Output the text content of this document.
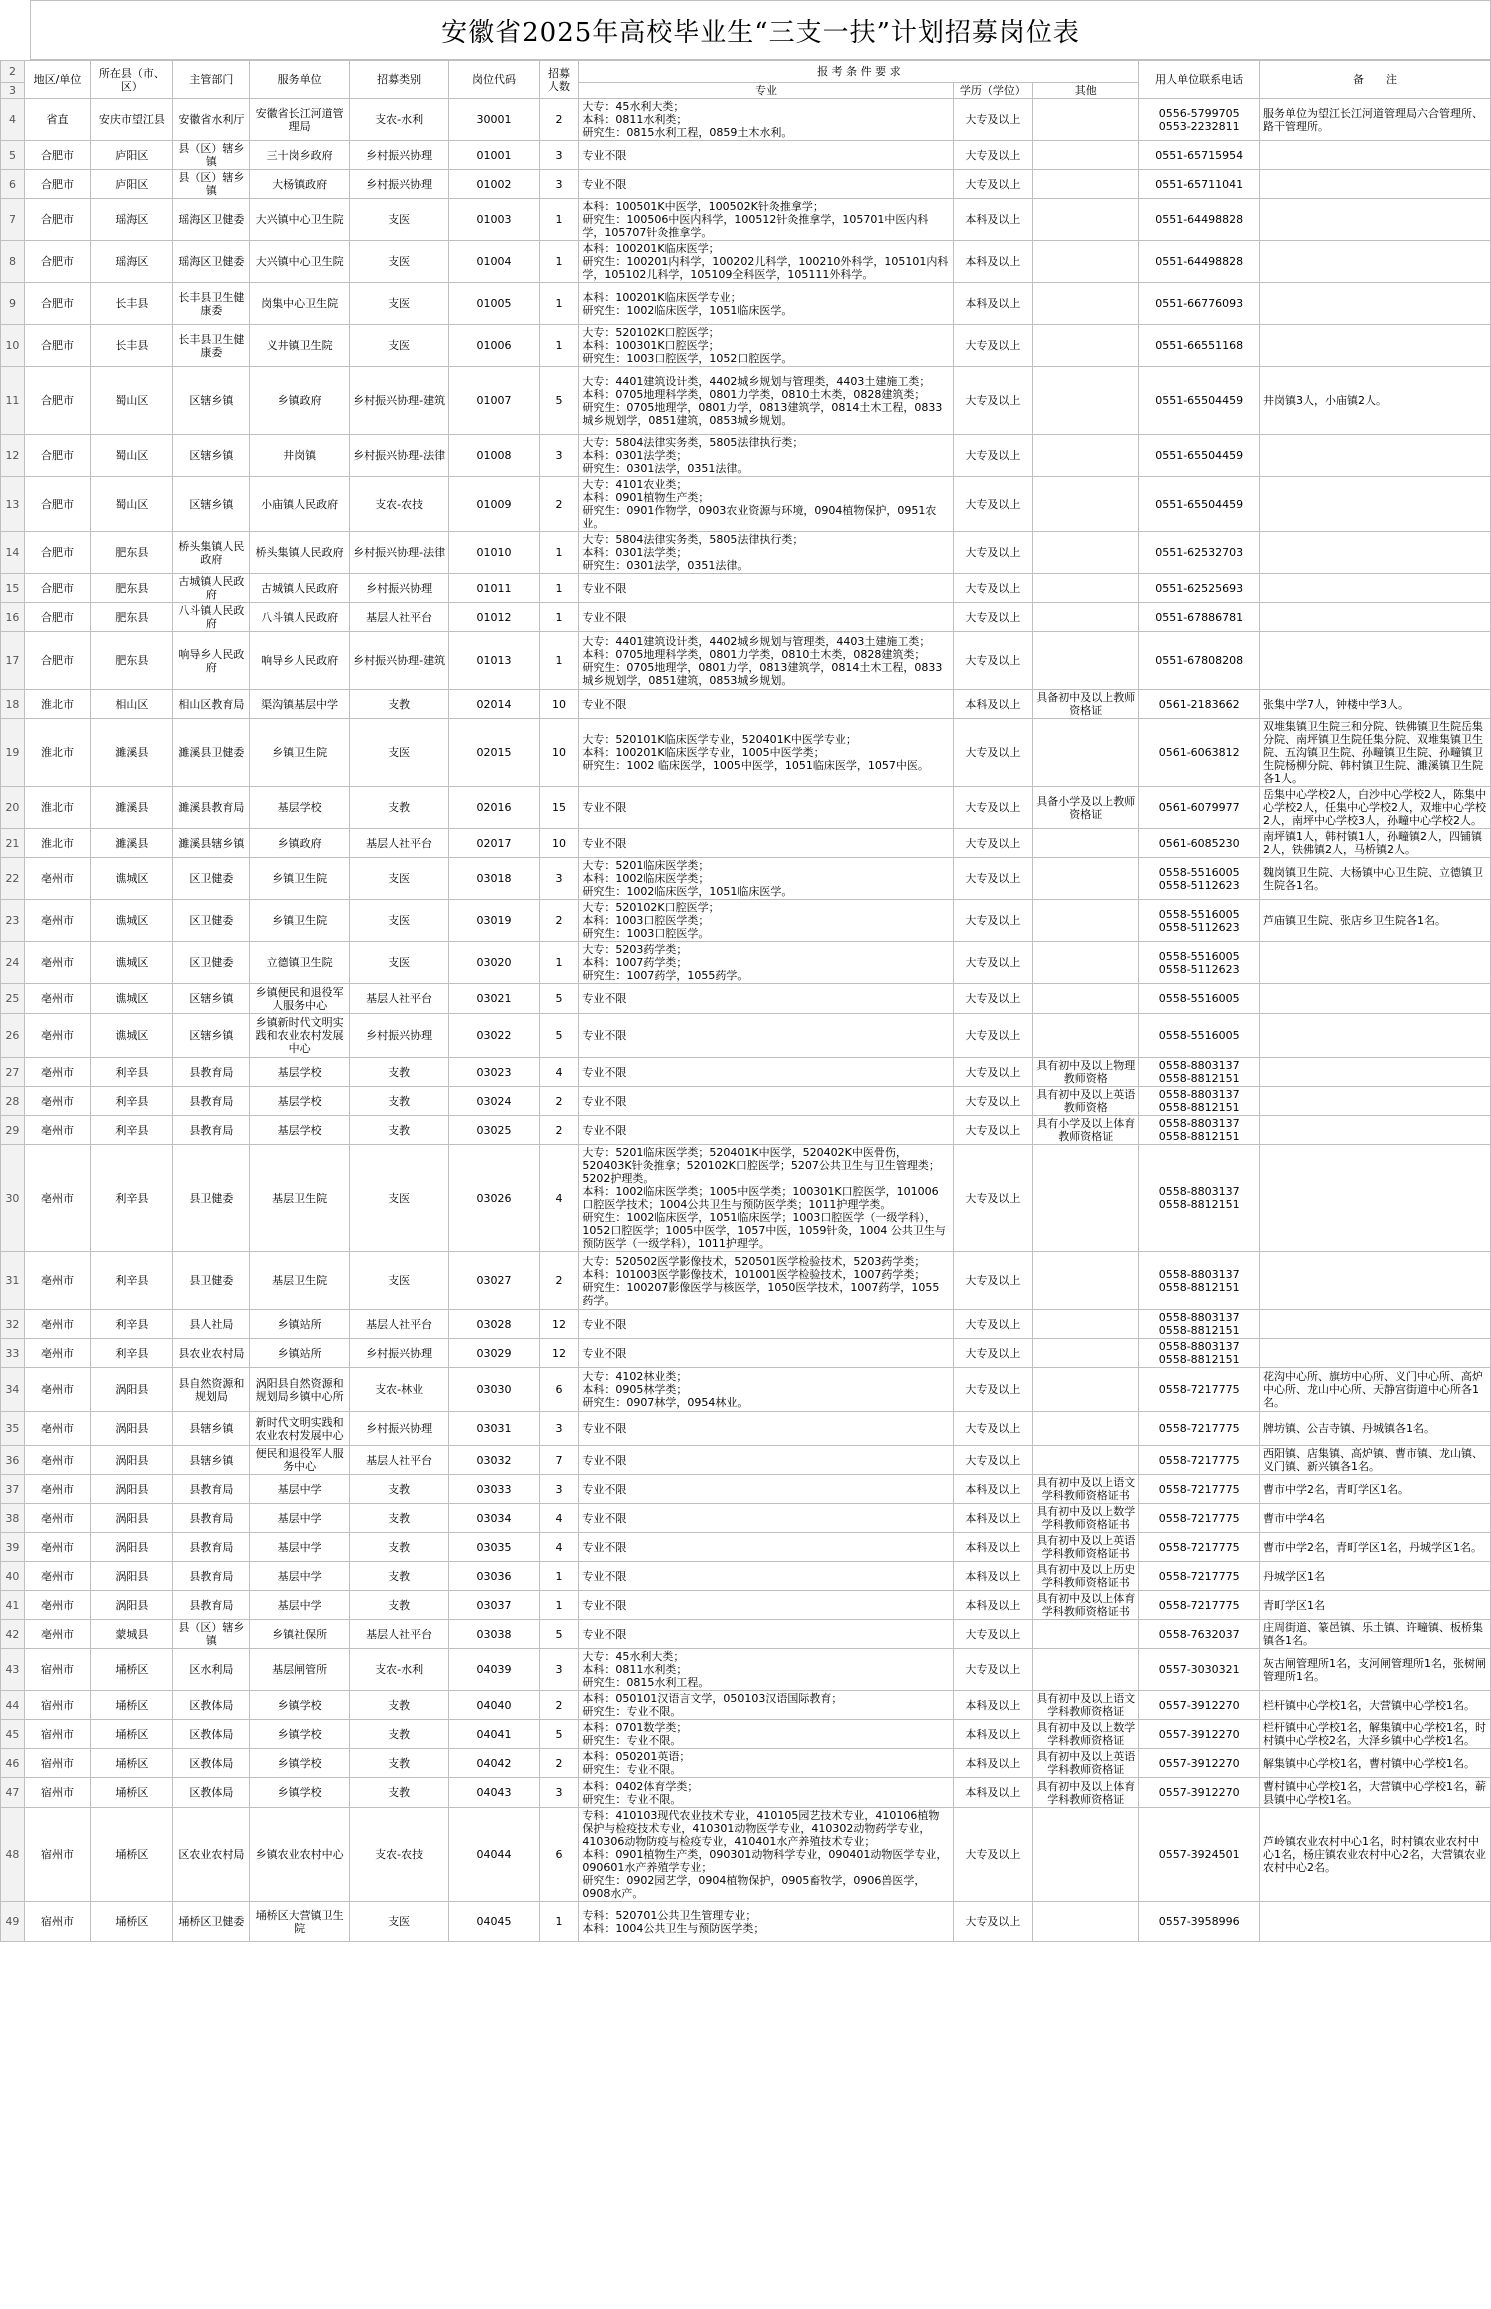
安徽省2025年高校毕业生“三支一扶”计划招募岗位表
2	地区/单位	所在县（市、区）	主管部门	服务单位	招募类别	岗位代码	招募人数	报 考 条 件 要 求			用人单位联系电话	备　　注
3								专业	学历（学位）	其他		
4	省直	安庆市望江县	安徽省水利厅	安徽省长江河道管理局	支农-水利	30001	2	大专：45水利大类；
本科：0811水利类；
研究生：0815水利工程，0859土木水利。	大专及以上		0556-5799705
0553-2232811	服务单位为望江长江河道管理局六合管理所、路干管理所。
5	合肥市	庐阳区	县（区）辖乡镇	三十岗乡政府	乡村振兴协理	01001	3	专业不限	大专及以上		0551-65715954	
6	合肥市	庐阳区	县（区）辖乡镇	大杨镇政府	乡村振兴协理	01002	3	专业不限	大专及以上		0551-65711041	
7	合肥市	瑶海区	瑶海区卫健委	大兴镇中心卫生院	支医	01003	1	本科：100501K中医学，100502K针灸推拿学；
研究生：100506中医内科学，100512针灸推拿学，105701中医内科学，105707针灸推拿学。	本科及以上		0551-64498828	
8	合肥市	瑶海区	瑶海区卫健委	大兴镇中心卫生院	支医	01004	1	本科：100201K临床医学；
研究生：100201内科学，100202儿科学，100210外科学，105101内科学，105102儿科学，105109全科医学，105111外科学。	本科及以上		0551-64498828	
9	合肥市	长丰县	长丰县卫生健康委	岗集中心卫生院	支医	01005	1	本科：100201K临床医学专业；
研究生：1002临床医学，1051临床医学。	本科及以上		0551-66776093	
10	合肥市	长丰县	长丰县卫生健康委	义井镇卫生院	支医	01006	1	大专：520102K口腔医学；
本科：100301K口腔医学；
研究生：1003口腔医学，1052口腔医学。	大专及以上		0551-66551168	
11	合肥市	蜀山区	区辖乡镇	乡镇政府	乡村振兴协理-建筑	01007	5	大专：4401建筑设计类，4402城乡规划与管理类，4403土建施工类；
本科：0705地理科学类，0801力学类，0810土木类，0828建筑类；
研究生：0705地理学，0801力学，0813建筑学，0814土木工程，0833城乡规划学，0851建筑，0853城乡规划。	大专及以上		0551-65504459	井岗镇3人，小庙镇2人。
12	合肥市	蜀山区	区辖乡镇	井岗镇	乡村振兴协理-法律	01008	3	大专：5804法律实务类，5805法律执行类；
本科：0301法学类；
研究生：0301法学，0351法律。	大专及以上		0551-65504459	
13	合肥市	蜀山区	区辖乡镇	小庙镇人民政府	支农-农技	01009	2	大专：4101农业类；
本科：0901植物生产类；
研究生：0901作物学，0903农业资源与环境，0904植物保护，0951农业。	大专及以上		0551-65504459	
14	合肥市	肥东县	桥头集镇人民政府	桥头集镇人民政府	乡村振兴协理-法律	01010	1	大专：5804法律实务类，5805法律执行类；
本科：0301法学类；
研究生：0301法学，0351法律。	大专及以上		0551-62532703	
15	合肥市	肥东县	古城镇人民政府	古城镇人民政府	乡村振兴协理	01011	1	专业不限	大专及以上		0551-62525693	
16	合肥市	肥东县	八斗镇人民政府	八斗镇人民政府	基层人社平台	01012	1	专业不限	大专及以上		0551-67886781	
17	合肥市	肥东县	响导乡人民政府	响导乡人民政府	乡村振兴协理-建筑	01013	1	大专：4401建筑设计类，4402城乡规划与管理类，4403土建施工类；
本科：0705地理科学类，0801力学类，0810土木类，0828建筑类；
研究生：0705地理学，0801力学，0813建筑学，0814土木工程，0833城乡规划学，0851建筑，0853城乡规划。	大专及以上		0551-67808208	
18	淮北市	相山区	相山区教育局	渠沟镇基层中学	支教	02014	10	专业不限	本科及以上	具备初中及以上教师资格证	0561-2183662	张集中学7人，钟楼中学3人。
19	淮北市	濉溪县	濉溪县卫健委	乡镇卫生院	支医	02015	10	大专：520101K临床医学专业，520401K中医学专业；
本科：100201K临床医学专业，1005中医学类；
研究生：1002 临床医学，1005中医学，1051临床医学，1057中医。	大专及以上		0561-6063812	双堆集镇卫生院三和分院、铁佛镇卫生院岳集分院、南坪镇卫生院任集分院、双堆集镇卫生院、五沟镇卫生院、孙疃镇卫生院、孙疃镇卫生院杨柳分院、韩村镇卫生院、濉溪镇卫生院各1人。
20	淮北市	濉溪县	濉溪县教育局	基层学校	支教	02016	15	专业不限	大专及以上	具备小学及以上教师资格证	0561-6079977	岳集中心学校2人，白沙中心学校2人，陈集中心学校2人，任集中心学校2人，双堆中心学校2人，南坪中心学校3人，孙疃中心学校2人。
21	淮北市	濉溪县	濉溪县辖乡镇	乡镇政府	基层人社平台	02017	10	专业不限	大专及以上		0561-6085230	南坪镇1人，韩村镇1人，孙疃镇2人，四铺镇2人，铁佛镇2人，马桥镇2人。
22	亳州市	谯城区	区卫健委	乡镇卫生院	支医	03018	3	大专：5201临床医学类；
本科：1002临床医学类；
研究生：1002临床医学，1051临床医学。	大专及以上		0558-5516005
0558-5112623	魏岗镇卫生院、大杨镇中心卫生院、立德镇卫生院各1名。
23	亳州市	谯城区	区卫健委	乡镇卫生院	支医	03019	2	大专：520102K口腔医学；
本科：1003口腔医学类；
研究生：1003口腔医学。	大专及以上		0558-5516005
0558-5112623	芦庙镇卫生院、张店乡卫生院各1名。
24	亳州市	谯城区	区卫健委	立德镇卫生院	支医	03020	1	大专：5203药学类；
本科：1007药学类；
研究生：1007药学，1055药学。	大专及以上		0558-5516005
0558-5112623	
25	亳州市	谯城区	区辖乡镇	乡镇便民和退役军人服务中心	基层人社平台	03021	5	专业不限	大专及以上		0558-5516005	
26	亳州市	谯城区	区辖乡镇	乡镇新时代文明实践和农业农村发展中心	乡村振兴协理	03022	5	专业不限	大专及以上		0558-5516005	
27	亳州市	利辛县	县教育局	基层学校	支教	03023	4	专业不限	大专及以上	具有初中及以上物理教师资格	0558-8803137
0558-8812151	
28	亳州市	利辛县	县教育局	基层学校	支教	03024	2	专业不限	大专及以上	具有初中及以上英语教师资格	0558-8803137
0558-8812151	
29	亳州市	利辛县	县教育局	基层学校	支教	03025	2	专业不限	大专及以上	具有小学及以上体育教师资格证	0558-8803137
0558-8812151	
30	亳州市	利辛县	县卫健委	基层卫生院	支医	03026	4	大专：5201临床医学类；520401K中医学，520402K中医骨伤，520403K针灸推拿；520102K口腔医学；5207公共卫生与卫生管理类；5202护理类。
本科：1002临床医学类；1005中医学类；100301K口腔医学，101006口腔医学技术；1004公共卫生与预防医学类；1011护理学类。
研究生：1002临床医学，1051临床医学；1003口腔医学（一级学科），1052口腔医学；1005中医学，1057中医，1059针灸，1004 公共卫生与预防医学（一级学科），1011护理学。	大专及以上		0558-8803137
0558-8812151	
31	亳州市	利辛县	县卫健委	基层卫生院	支医	03027	2	大专：520502医学影像技术，520501医学检验技术，5203药学类；
本科：101003医学影像技术，101001医学检验技术，1007药学类；
研究生：100207影像医学与核医学，1050医学技术，1007药学，1055药学。	大专及以上		0558-8803137
0558-8812151	
32	亳州市	利辛县	县人社局	乡镇站所	基层人社平台	03028	12	专业不限	大专及以上		0558-8803137
0558-8812151	
33	亳州市	利辛县	县农业农村局	乡镇站所	乡村振兴协理	03029	12	专业不限	大专及以上		0558-8803137
0558-8812151	
34	亳州市	涡阳县	县自然资源和规划局	涡阳县自然资源和规划局乡镇中心所	支农-林业	03030	6	大专：4102林业类；
本科：0905林学类；
研究生：0907林学，0954林业。	大专及以上		0558-7217775	花沟中心所、旗坊中心所、义门中心所、高炉中心所、龙山中心所、天静宫街道中心所各1名。
35	亳州市	涡阳县	县辖乡镇	新时代文明实践和农业农村发展中心	乡村振兴协理	03031	3	专业不限	大专及以上		0558-7217775	牌坊镇、公吉寺镇、丹城镇各1名。
36	亳州市	涡阳县	县辖乡镇	便民和退役军人服务中心	基层人社平台	03032	7	专业不限	大专及以上		0558-7217775	西阳镇、店集镇、高炉镇、曹市镇、龙山镇、义门镇、新兴镇各1名。
37	亳州市	涡阳县	县教育局	基层中学	支教	03033	3	专业不限	本科及以上	具有初中及以上语文学科教师资格证书	0558-7217775	曹市中学2名，青町学区1名。
38	亳州市	涡阳县	县教育局	基层中学	支教	03034	4	专业不限	本科及以上	具有初中及以上数学学科教师资格证书	0558-7217775	曹市中学4名
39	亳州市	涡阳县	县教育局	基层中学	支教	03035	4	专业不限	本科及以上	具有初中及以上英语学科教师资格证书	0558-7217775	曹市中学2名，青町学区1名，丹城学区1名。
40	亳州市	涡阳县	县教育局	基层中学	支教	03036	1	专业不限	本科及以上	具有初中及以上历史学科教师资格证书	0558-7217775	丹城学区1名
41	亳州市	涡阳县	县教育局	基层中学	支教	03037	1	专业不限	本科及以上	具有初中及以上体育学科教师资格证书	0558-7217775	青町学区1名
42	亳州市	蒙城县	县（区）辖乡镇	乡镇社保所	基层人社平台	03038	5	专业不限	大专及以上		0558-7632037	庄周街道、篆邑镇、乐土镇、许疃镇、板桥集镇各1名。
43	宿州市	埇桥区	区水利局	基层闸管所	支农-水利	04039	3	大专：45水利大类；
本科：0811水利类；
研究生：0815水利工程。	大专及以上		0557-3030321	灰古闸管理所1名，支河闸管理所1名，张树闸管理所1名。
44	宿州市	埇桥区	区教体局	乡镇学校	支教	04040	2	本科：050101汉语言文学，050103汉语国际教育；
研究生：专业不限。	本科及以上	具有初中及以上语文学科教师资格证	0557-3912270	栏杆镇中心学校1名，大营镇中心学校1名。
45	宿州市	埇桥区	区教体局	乡镇学校	支教	04041	5	本科：0701数学类；
研究生：专业不限。	本科及以上	具有初中及以上数学学科教师资格证	0557-3912270	栏杆镇中心学校1名，解集镇中心学校1名，时村镇中心学校2名，大泽乡镇中心学校1名。
46	宿州市	埇桥区	区教体局	乡镇学校	支教	04042	2	本科：050201英语；
研究生：专业不限。	本科及以上	具有初中及以上英语学科教师资格证	0557-3912270	解集镇中心学校1名，曹村镇中心学校1名。
47	宿州市	埇桥区	区教体局	乡镇学校	支教	04043	3	本科：0402体育学类；
研究生：专业不限。	本科及以上	具有初中及以上体育学科教师资格证	0557-3912270	曹村镇中心学校1名，大营镇中心学校1名，蕲县镇中心学校1名。
48	宿州市	埇桥区	区农业农村局	乡镇农业农村中心	支农-农技	04044	6	专科：410103现代农业技术专业，410105园艺技术专业，410106植物保护与检疫技术专业，410301动物医学专业，410302动物药学专业，410306动物防疫与检疫专业，410401水产养殖技术专业；
本科：0901植物生产类，090301动物科学专业，090401动物医学专业，090601水产养殖学专业；
研究生：0902园艺学，0904植物保护，0905畜牧学，0906兽医学，0908水产。	大专及以上		0557-3924501	芦岭镇农业农村中心1名，时村镇农业农村中心1名，杨庄镇农业农村中心2名，大营镇农业农村中心2名。
49	宿州市	埇桥区	埇桥区卫健委	埇桥区大营镇卫生院	支医	04045	1	专科：520701公共卫生管理专业；
本科：1004公共卫生与预防医学类；	大专及以上		0557-3958996	
